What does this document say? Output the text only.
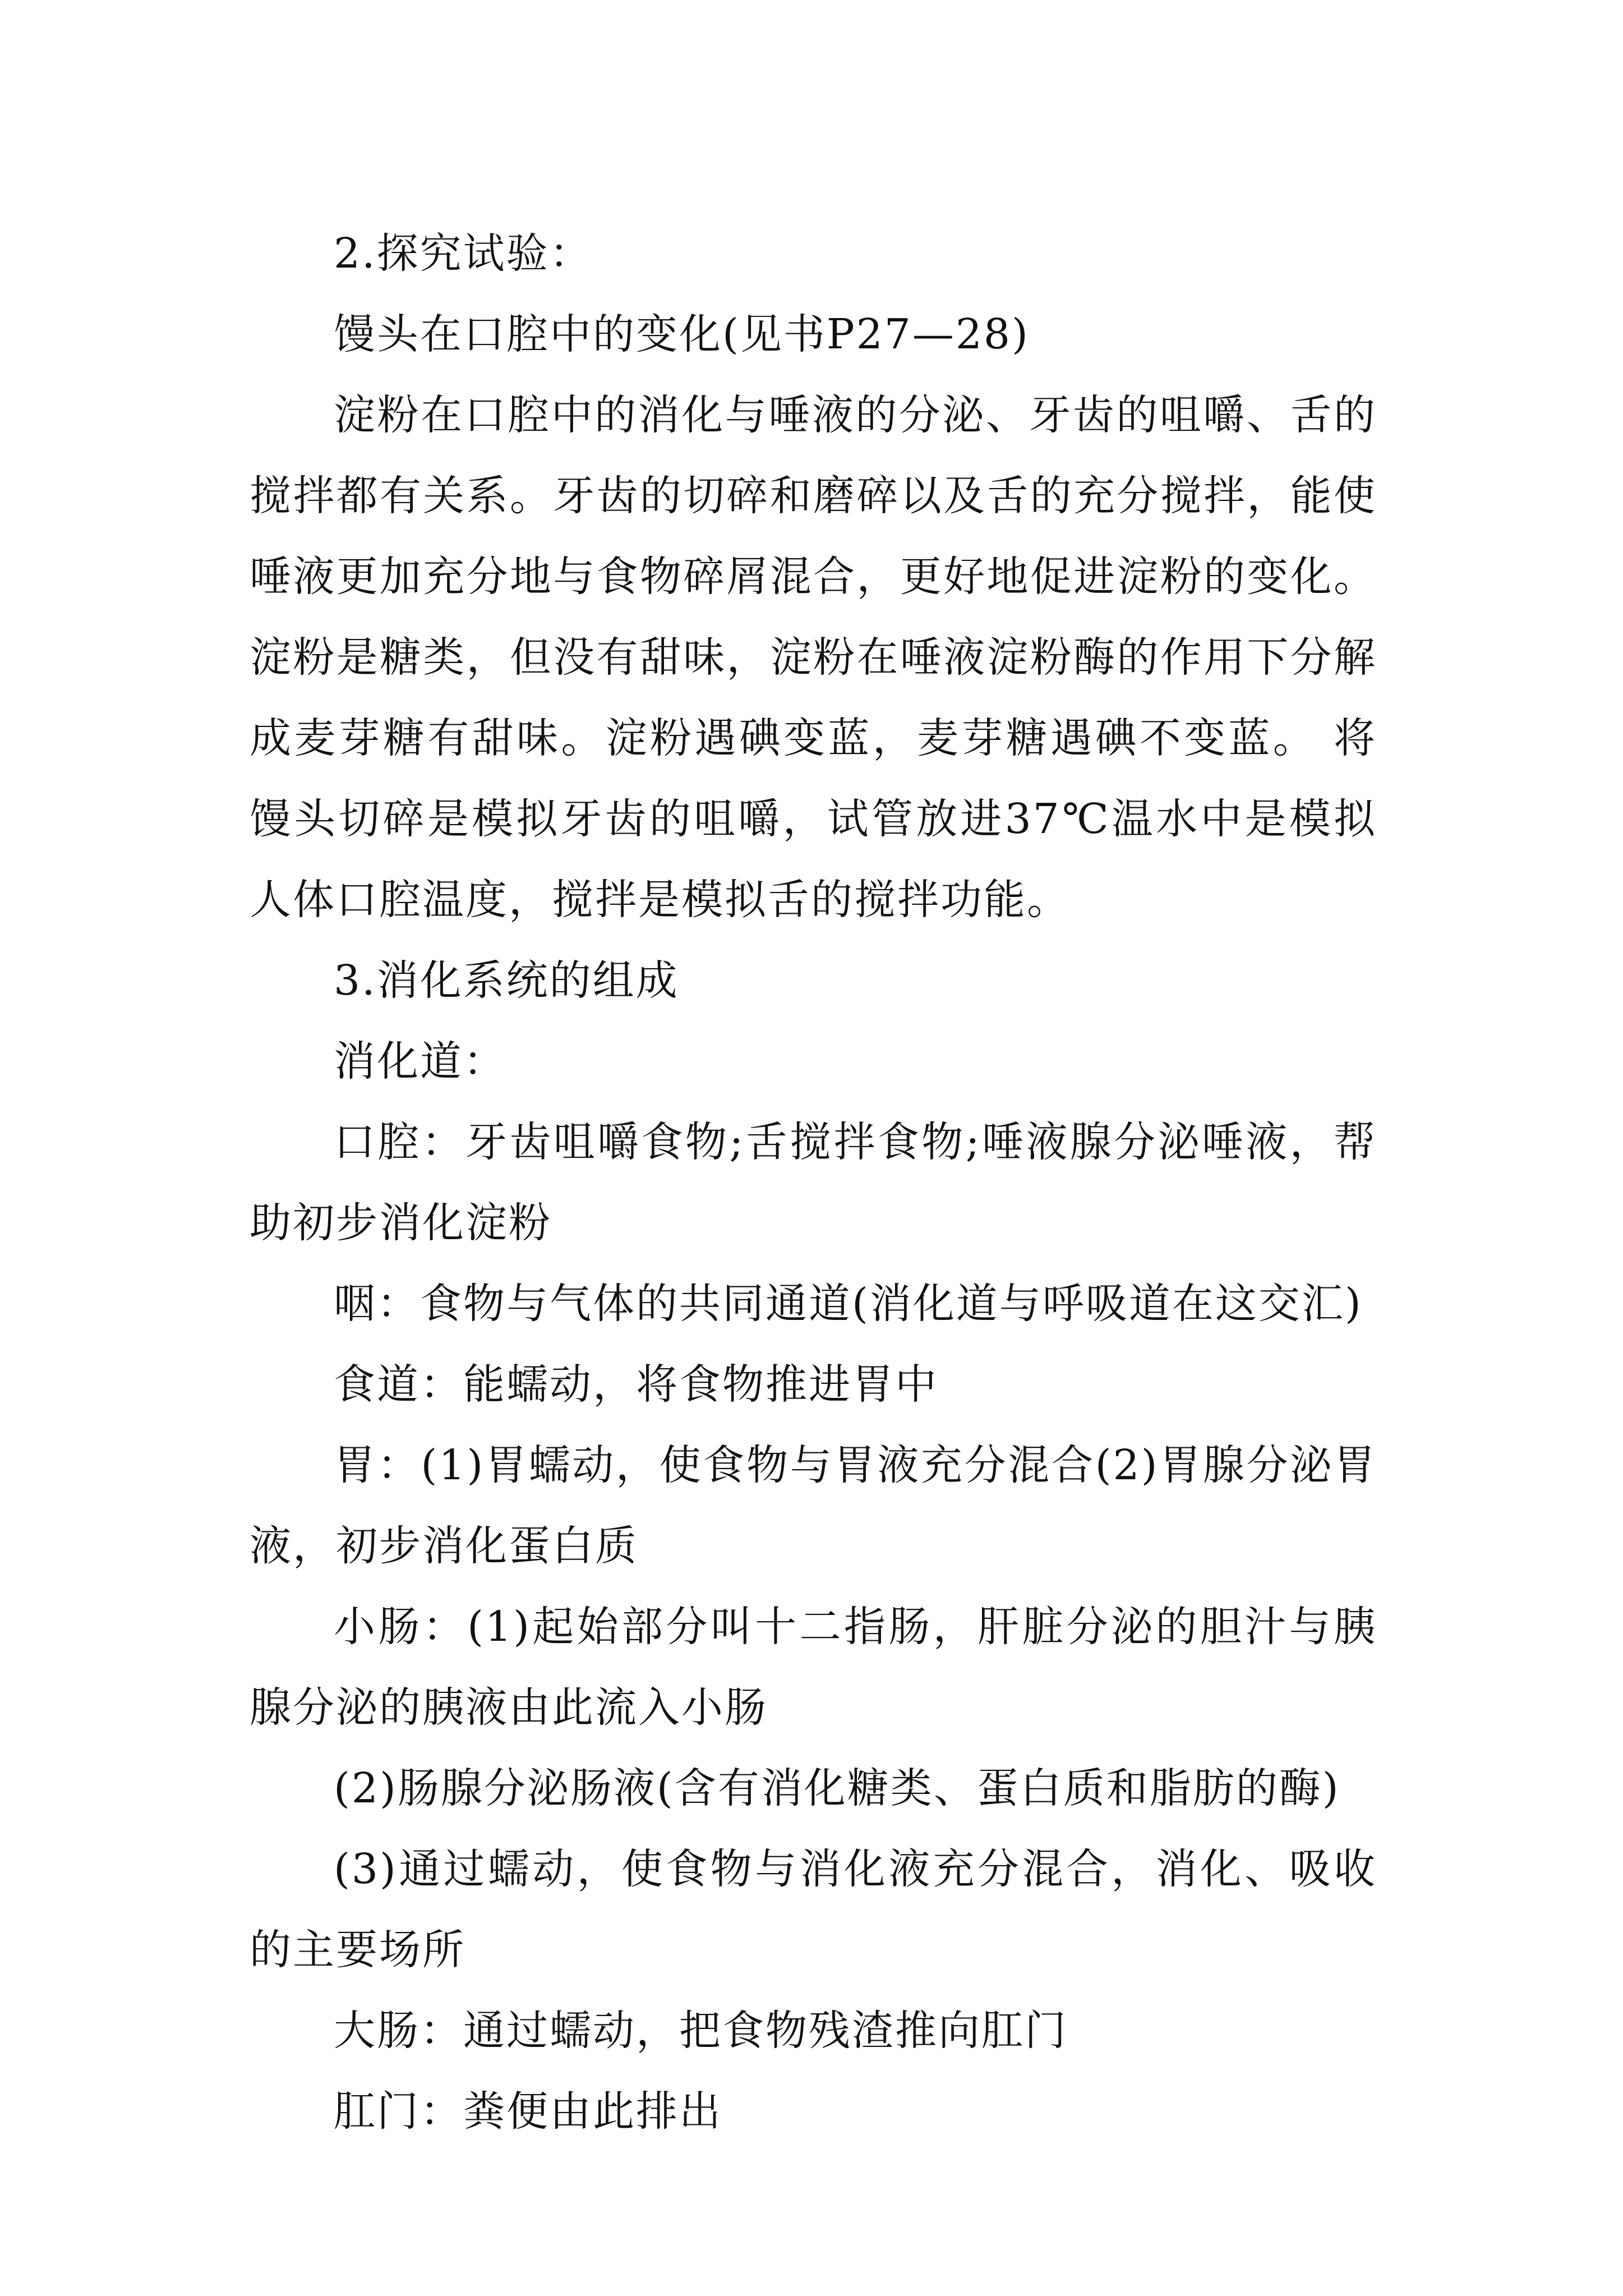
2.探究试验：

馒头在口腔中的变化(见书P27—28)

淀粉在口腔中的消化与唾液的分泌、牙齿的咀嚼、舌的搅拌都有关系。牙齿的切碎和磨碎以及舌的充分搅拌，能使唾液更加充分地与食物碎屑混合，更好地促进淀粉的变化。淀粉是糖类，但没有甜味，淀粉在唾液淀粉酶的作用下分解成麦芽糖有甜味。淀粉遇碘变蓝，麦芽糖遇碘不变蓝。 将馒头切碎是模拟牙齿的咀嚼，试管放进37℃温水中是模拟人体口腔温度，搅拌是模拟舌的搅拌功能。

3.消化系统的组成

消化道：

口腔：牙齿咀嚼食物;舌搅拌食物;唾液腺分泌唾液，帮助初步消化淀粉

咽：食物与气体的共同通道(消化道与呼吸道在这交汇)

食道：能蠕动，将食物推进胃中

胃：(1)胃蠕动，使食物与胃液充分混合(2)胃腺分泌胃液，初步消化蛋白质

小肠：(1)起始部分叫十二指肠，肝脏分泌的胆汁与胰腺分泌的胰液由此流入小肠

(2)肠腺分泌肠液(含有消化糖类、蛋白质和脂肪的酶)

(3)通过蠕动，使食物与消化液充分混合，消化、吸收的主要场所

大肠：通过蠕动，把食物残渣推向肛门

肛门：粪便由此排出
